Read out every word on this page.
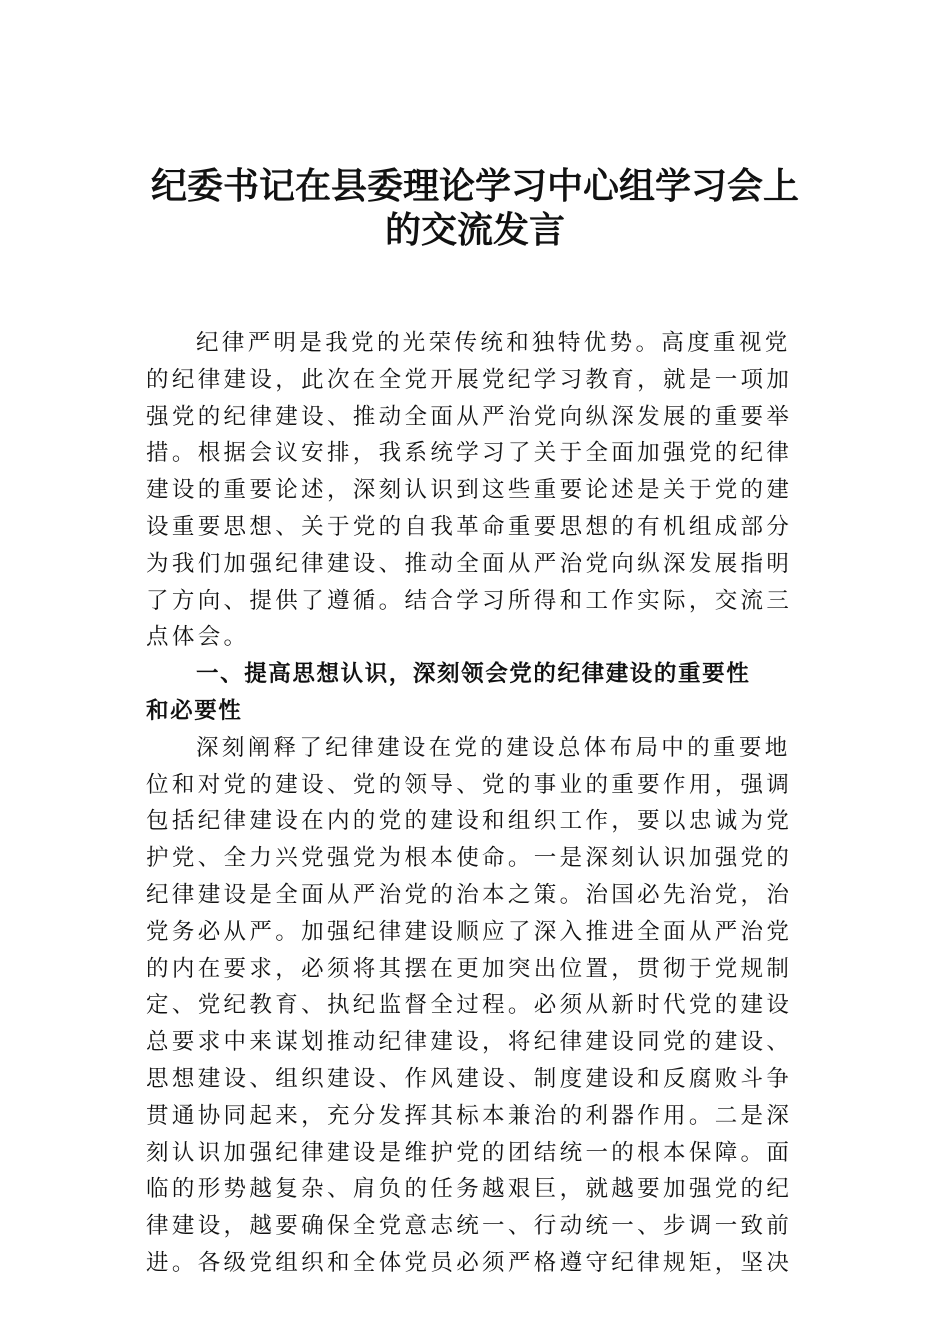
纪委书记在县委理论学习中心组学习会上
的交流发言
纪律严明是我党的光荣传统和独特优势。高度重视党
的纪律建设，此次在全党开展党纪学习教育，就是一项加
强党的纪律建设、推动全面从严治党向纵深发展的重要举
措。根据会议安排，我系统学习了关于全面加强党的纪律
建设的重要论述，深刻认识到这些重要论述是关于党的建
设重要思想、关于党的自我革命重要思想的有机组成部分
为我们加强纪律建设、推动全面从严治党向纵深发展指明
了方向、提供了遵循。结合学习所得和工作实际，交流三
点体会。
一、提高思想认识，深刻领会党的纪律建设的重要性
和必要性
深刻阐释了纪律建设在党的建设总体布局中的重要地
位和对党的建设、党的领导、党的事业的重要作用，强调
包括纪律建设在内的党的建设和组织工作，要以忠诚为党
护党、全力兴党强党为根本使命。一是深刻认识加强党的
纪律建设是全面从严治党的治本之策。治国必先治党，治
党务必从严。加强纪律建设顺应了深入推进全面从严治党
的内在要求，必须将其摆在更加突出位置，贯彻于党规制
定、党纪教育、执纪监督全过程。必须从新时代党的建设
总要求中来谋划推动纪律建设，将纪律建设同党的建设、
思想建设、组织建设、作风建设、制度建设和反腐败斗争
贯通协同起来，充分发挥其标本兼治的利器作用。二是深
刻认识加强纪律建设是维护党的团结统一的根本保障。面
临的形势越复杂、肩负的任务越艰巨，就越要加强党的纪
律建设，越要确保全党意志统一、行动统一、步调一致前
进。各级党组织和全体党员必须严格遵守纪律规矩，坚决
